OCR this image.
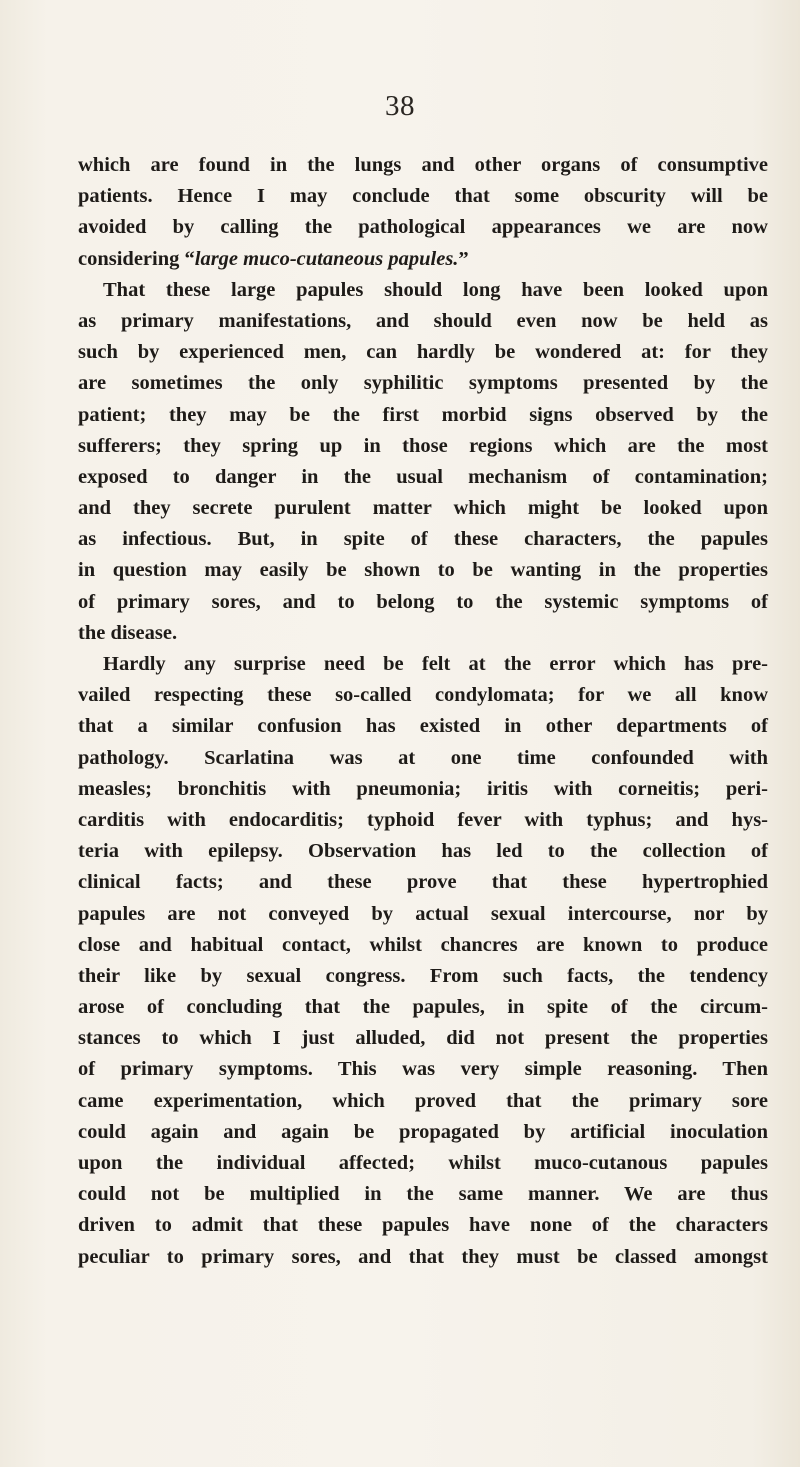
38
which are found in the lungs and other organs of consumptive
patients. Hence I may conclude that some obscurity will be
avoided by calling the pathological appearances we are now
considering “large muco-cutaneous papules.”
That these large papules should long have been looked upon
as primary manifestations, and should even now be held as
such by experienced men, can hardly be wondered at: for they
are sometimes the only syphilitic symptoms presented by the
patient; they may be the first morbid signs observed by the
sufferers; they spring up in those regions which are the most
exposed to danger in the usual mechanism of contamination;
and they secrete purulent matter which might be looked upon
as infectious. But, in spite of these characters, the papules
in question may easily be shown to be wanting in the properties
of primary sores, and to belong to the systemic symptoms of
the disease.
Hardly any surprise need be felt at the error which has pre-
vailed respecting these so-called condylomata; for we all know
that a similar confusion has existed in other departments of
pathology. Scarlatina was at one time confounded with
measles; bronchitis with pneumonia; iritis with corneitis; peri-
carditis with endocarditis; typhoid fever with typhus; and hys-
teria with epilepsy. Observation has led to the collection of
clinical facts; and these prove that these hypertrophied
papules are not conveyed by actual sexual intercourse, nor by
close and habitual contact, whilst chancres are known to produce
their like by sexual congress. From such facts, the tendency
arose of concluding that the papules, in spite of the circum-
stances to which I just alluded, did not present the properties
of primary symptoms. This was very simple reasoning. Then
came experimentation, which proved that the primary sore
could again and again be propagated by artificial inoculation
upon the individual affected; whilst muco-cutanous papules
could not be multiplied in the same manner. We are thus
driven to admit that these papules have none of the characters
peculiar to primary sores, and that they must be classed amongst
